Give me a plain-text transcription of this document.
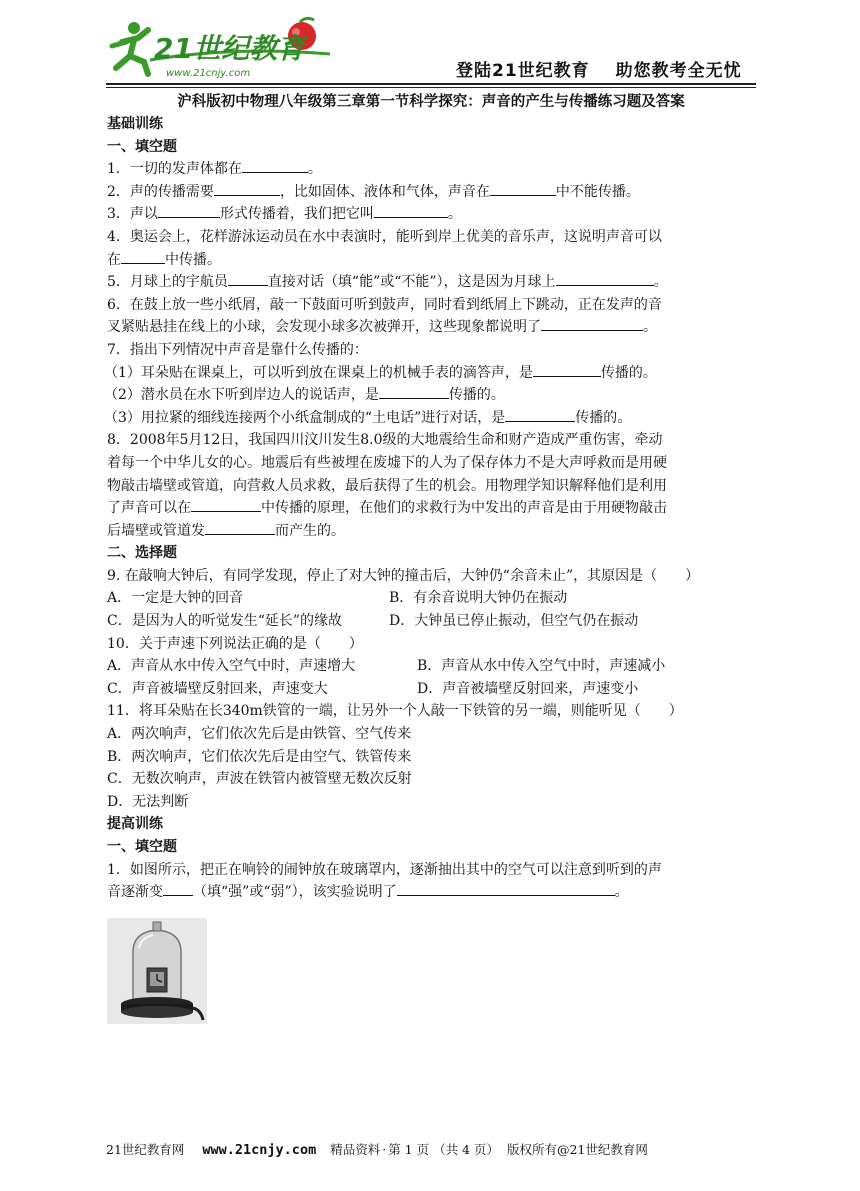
21世纪教育
www.21cnjy.com	登陆21世纪教育 助您教考全无忧

沪科版初中物理八年级第三章第一节科学探究：声音的产生与传播练习题及答案

基础训练

一、填空题

1．一切的发声体都在	。

2．声的传播需要	，比如固体、液体和气体，声音在	中不能传播。

3．声以	形式传播着，我们把它叫	。

4．奥运会上，花样游泳运动员在水中表演时，能听到岸上优美的音乐声，这说明声音可以
在	中传播。

5．月球上的宇航员	直接对话（填“能”或“不能”），这是因为月球上	。

6．在鼓上放一些小纸屑，敲一下鼓面可听到鼓声，同时看到纸屑上下跳动，正在发声的音
叉紧贴悬挂在线上的小球，会发现小球多次被弹开，这些现象都说明了	。

7．指出下列情况中声音是靠什么传播的：

（1）耳朵贴在课桌上，可以听到放在课桌上的机械手表的滴答声，是	传播的。

（2）潜水员在水下听到岸边人的说话声，是	传播的。

（3）用拉紧的细线连接两个小纸盒制成的“土电话”进行对话，是	传播的。

8．2008年5月12日，我国四川汶川发生8.0级的大地震给生命和财产造成严重伤害，牵动
着每一个中华儿女的心。地震后有些被埋在废墟下的人为了保存体力不是大声呼救而是用硬
物敲击墙壁或管道，向营救人员求救，最后获得了生的机会。用物理学知识解释他们是利用
了声音可以在	中传播的原理，在他们的求救行为中发出的声音是由于用硬物敲击
后墙壁或管道发	而产生的。

二、选择题

9. 在敲响大钟后，有同学发现，停止了对大钟的撞击后，大钟仍“余音未止”，其原因是（　　）

A．一定是大钟的回音	B．有余音说明大钟仍在振动
C．是因为人的听觉发生“延长”的缘故	D．大钟虽已停止振动，但空气仍在振动

10．关于声速下列说法正确的是（　　）

A．声音从水中传入空气中时，声速增大	B．声音从水中传入空气中时，声速减小
C．声音被墙壁反射回来，声速变大	D．声音被墙壁反射回来，声速变小

11．将耳朵贴在长340m铁管的一端，让另外一个人敲一下铁管的另一端，则能听见（　　）

A．两次响声，它们依次先后是由铁管、空气传来

B．两次响声，它们依次先后是由空气、铁管传来

C．无数次响声，声波在铁管内被管壁无数次反射

D．无法判断

提高训练

一、填空题

1．如图所示，把正在响铃的闹钟放在玻璃罩内，逐渐抽出其中的空气可以注意到听到的声
音逐渐变 （填“强”或“弱”），该实验说明了	。

21世纪教育网 www.21cnjy.com 精品资料 · 第 1 页 （共 4 页） 版权所有@21世纪教育网
